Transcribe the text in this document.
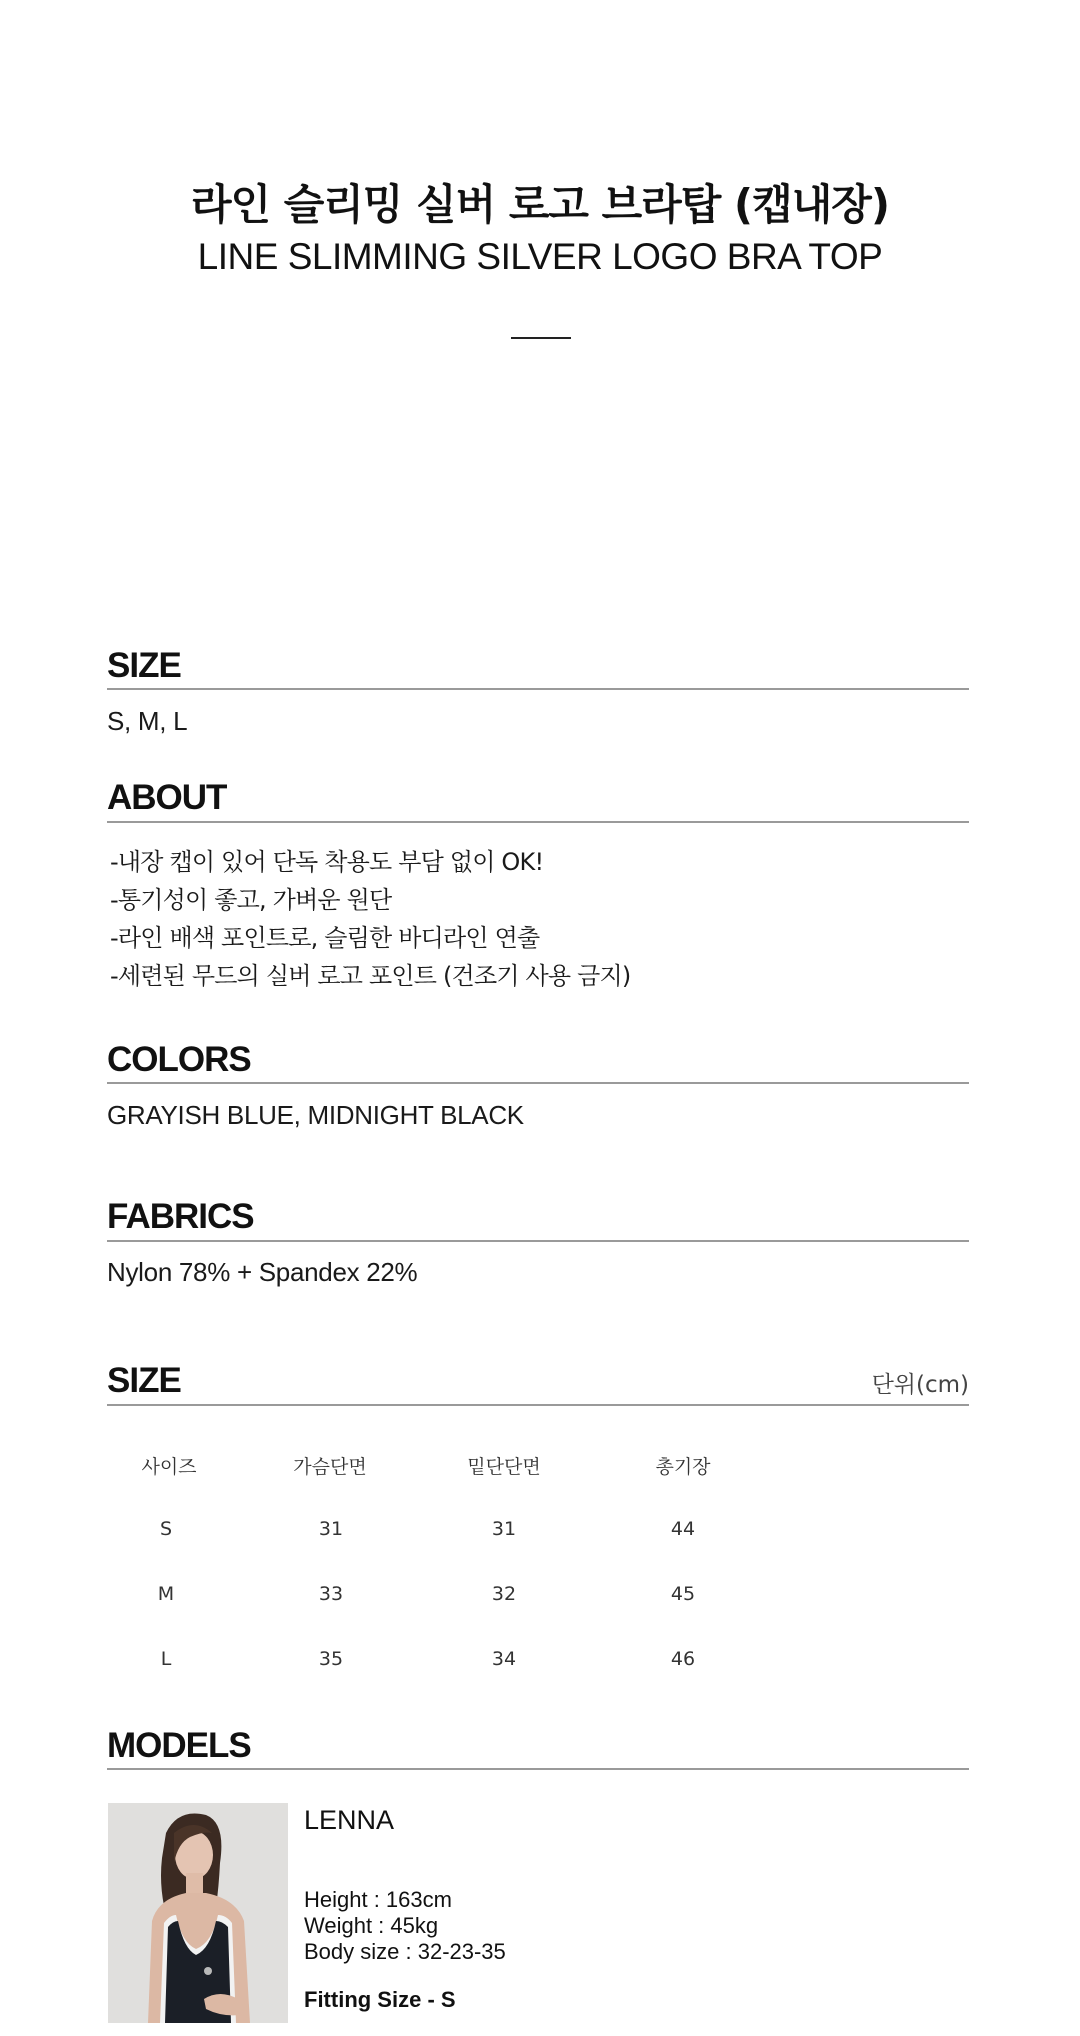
라인 슬리밍 실버 로고 브라탑 (캡내장)
LINE SLIMMING SILVER LOGO BRA TOP
SIZE
S, M, L
ABOUT
-내장 캡이 있어 단독 착용도 부담 없이 OK!
-통기성이 좋고, 가벼운 원단
-라인 배색 포인트로, 슬림한 바디라인 연출
-세련된 무드의 실버 로고 포인트 (건조기 사용 금지)
COLORS
GRAYISH BLUE, MIDNIGHT BLACK
FABRICS
Nylon 78% + Spandex 22%
SIZE	단위(cm)
사이즈	가슴단면	밑단단면	총기장
S	31	31	44
M	33	32	45
L	35	34	46
MODELS
LENNA
Height : 163cm
Weight : 45kg
Body size : 32-23-35
Fitting Size - S
